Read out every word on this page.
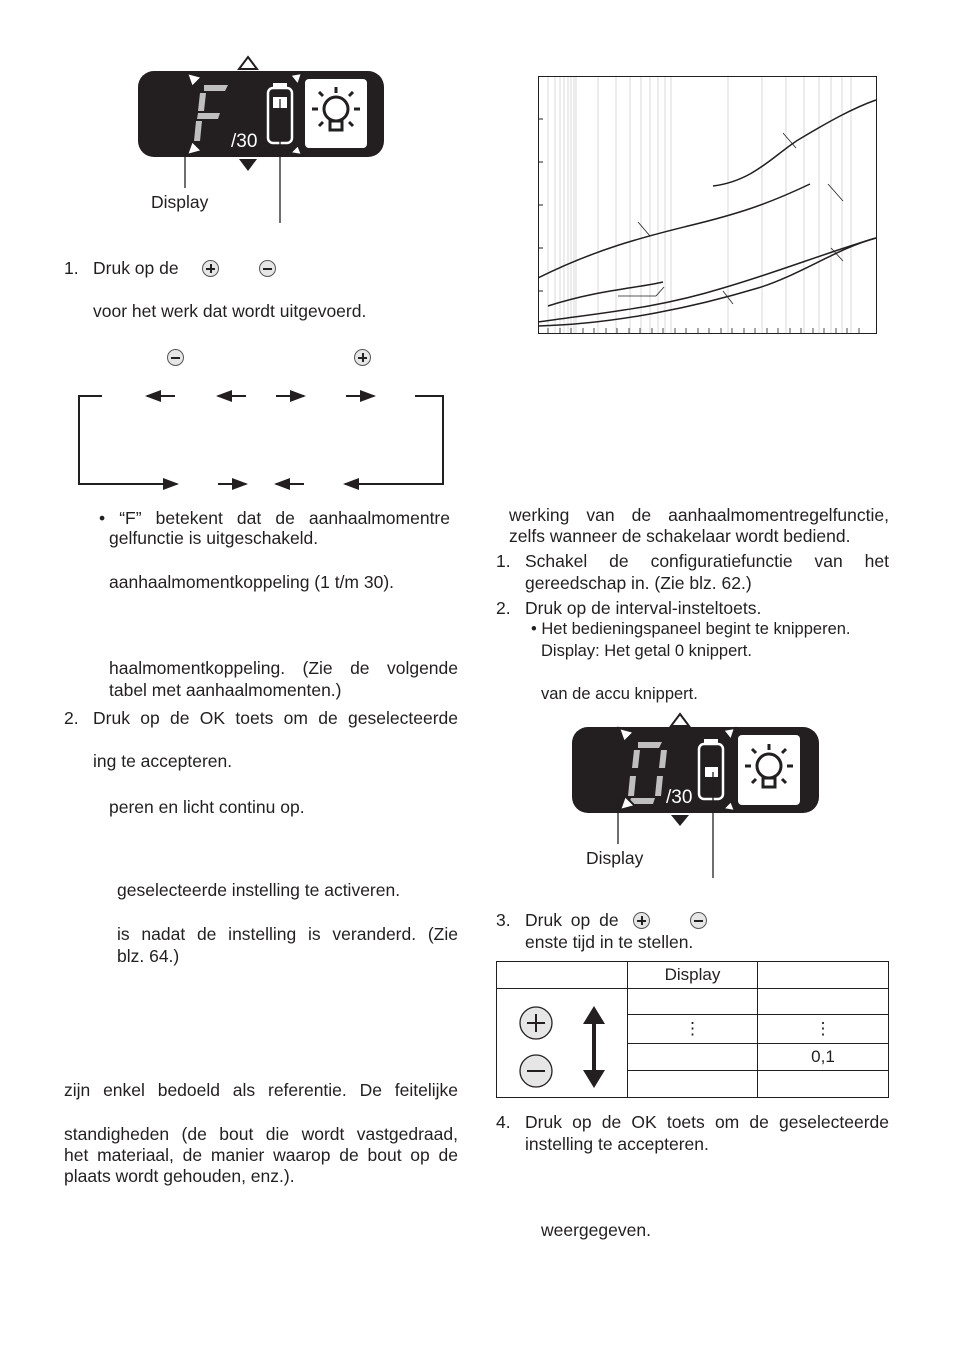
/30
Display
1. Druk op de
voor het werk dat wordt uitgevoerd.
• “F” betekent dat de aanhaalmomentre
gelfunctie is uitgeschakeld.
aanhaalmomentkoppeling (1 t/m 30).
haalmomentkoppeling. (Zie de volgende
tabel met aanhaalmomenten.)
2. Druk op de OK toets om de geselecteerde
ing te accepteren.
peren en licht continu op.
geselecteerde instelling te activeren.
is nadat de instelling is veranderd. (Zie
blz. 64.)
zijn enkel bedoeld als referentie. De feitelijke
standigheden (de bout die wordt vastgedraad,
het materiaal, de manier waarop de bout op de
plaats wordt gehouden, enz.).
werking van de aanhaalmomentregelfunctie,
zelfs wanneer de schakelaar wordt bediend.
1. Schakel de configuratiefunctie van het
gereedschap in. (Zie blz. 62.)
2. Druk op de interval-insteltoets.
• Het bedieningspaneel begint te knipperen.
Display: Het getal 0 knippert.
van de accu knippert.
/30
Display
3. Druk op de
enste tijd in te stellen.
	Display	

	⋮	⋮
		0,1

4. Druk op de OK toets om de geselecteerde
instelling te accepteren.
weergegeven.
